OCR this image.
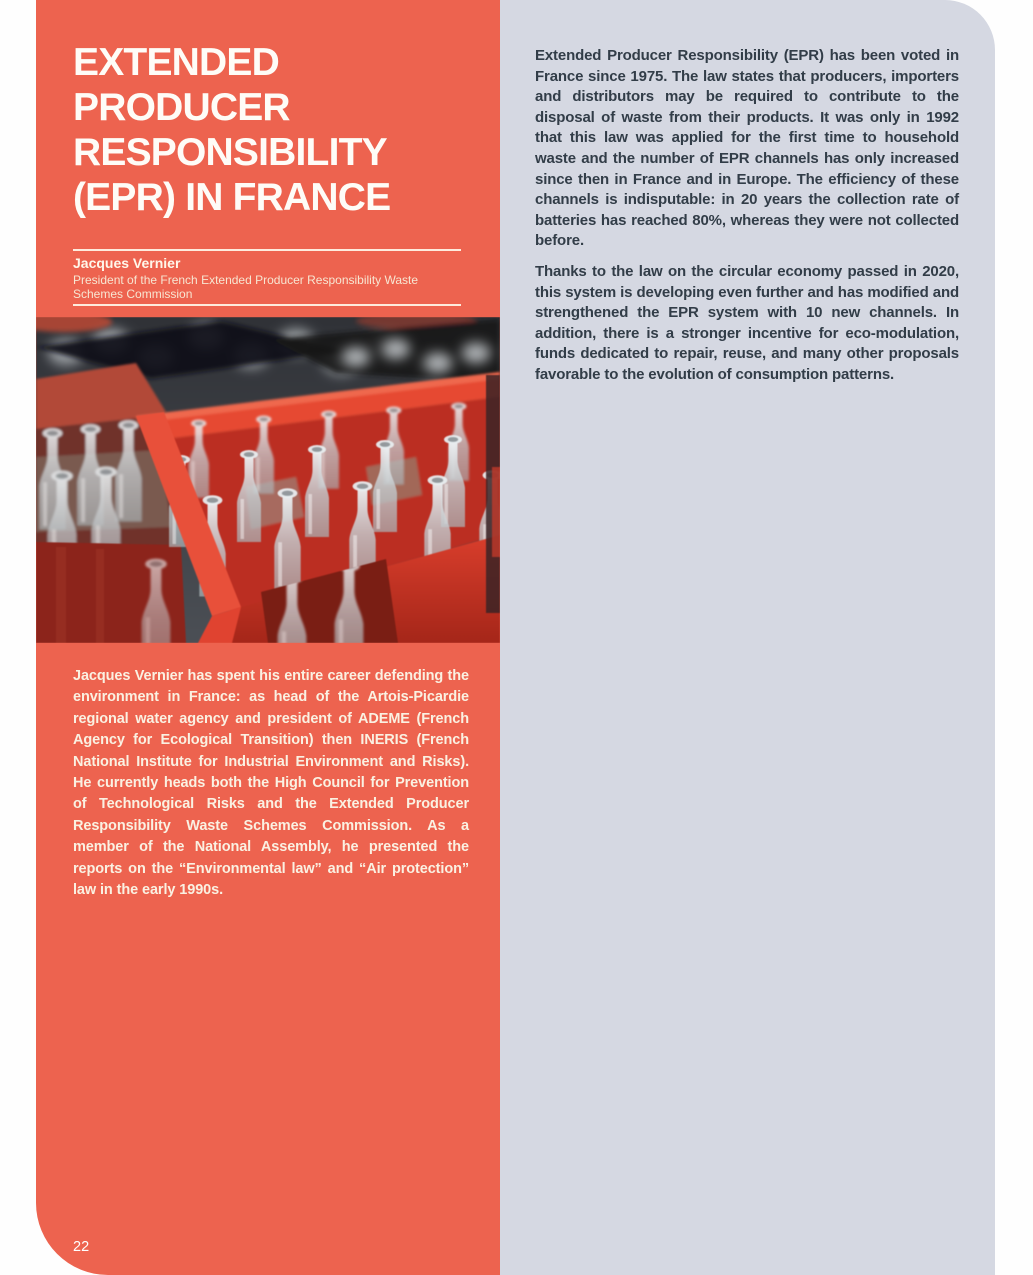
EXTENDED
PRODUCER
RESPONSIBILITY
(EPR) IN FRANCE
Jacques Vernier
President of the French Extended Producer Responsibility Waste
Schemes Commission

Jacques Vernier has spent his entire career defending the environment in France: as head of the Artois-Picardie regional water agency and president of ADEME (French Agency for Ecological Transition) then INERIS (French National Institute for Industrial Environment and Risks). He currently heads both the High Council for Prevention of Technological Risks and the Extended Producer Responsibility Waste Schemes Commission. As a member of the National Assembly, he presented the reports on the “Environmental law” and “Air protection” law in the early 1990s.

22

Extended Producer Responsibility (EPR) has been voted in France since 1975. The law states that producers, importers and distributors may be required to contribute to the disposal of waste from their products. It was only in 1992 that this law was applied for the first time to household waste and the number of EPR channels has only increased since then in France and in Europe. The efficiency of these channels is indisputable: in 20 years the collection rate of batteries has reached 80%, whereas they were not collected before.

Thanks to the law on the circular economy passed in 2020, this system is developing even further and has modified and strengthened the EPR system with 10 new channels. In addition, there is a stronger incentive for eco-modulation, funds dedicated to repair, reuse, and many other proposals favorable to the evolution of consumption patterns.
